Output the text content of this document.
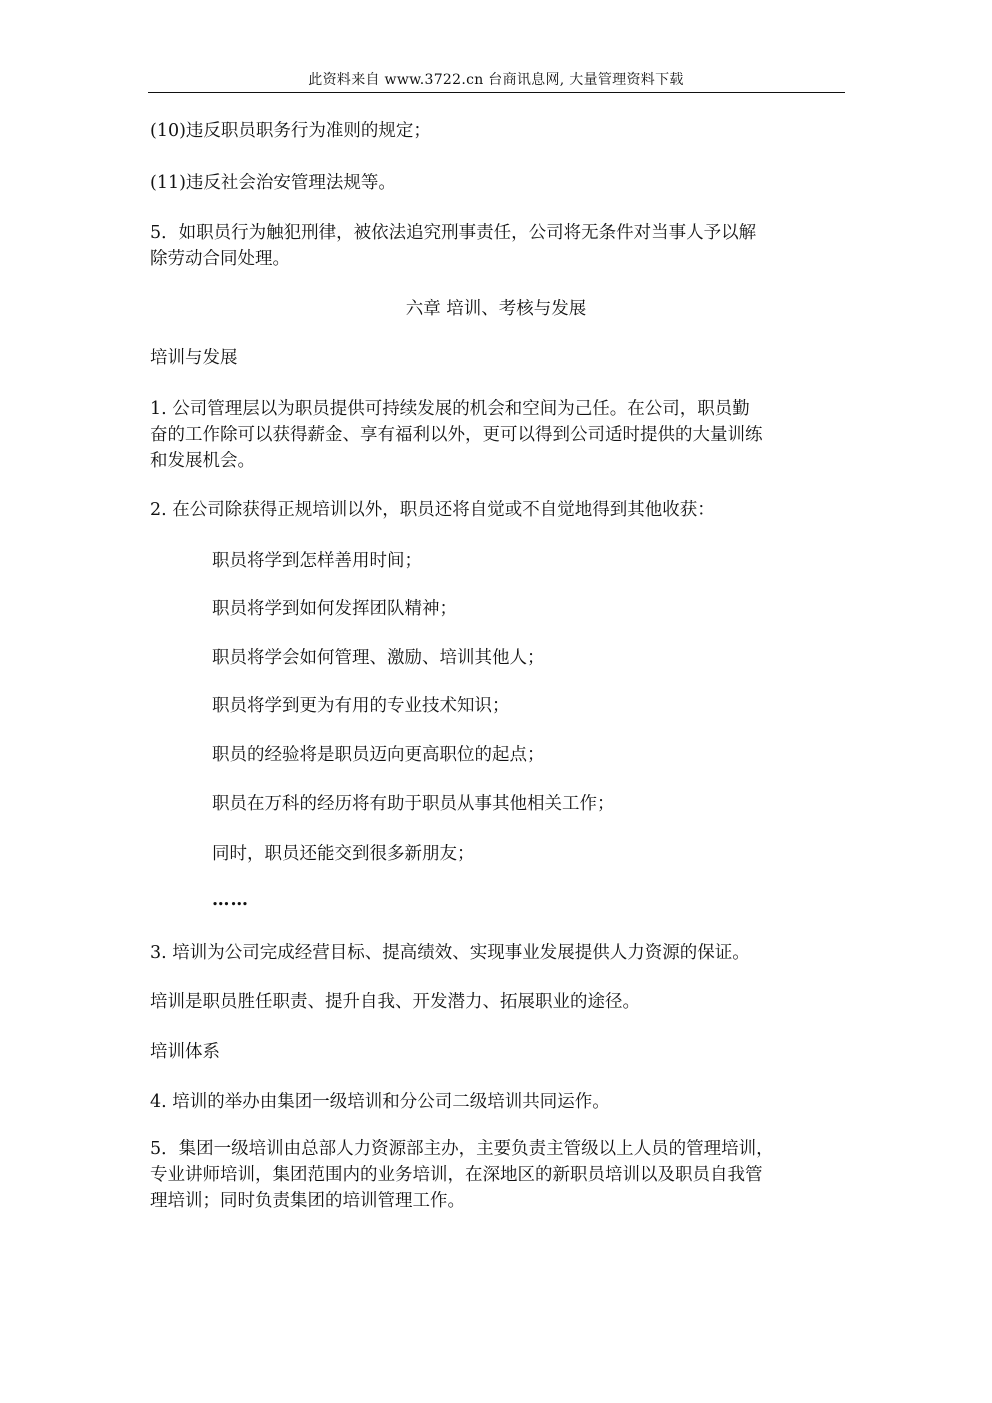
此资料来自 www.3722.cn 台商讯息网, 大量管理资料下载
(10)违反职员职务行为准则的规定；
(11)违反社会治安管理法规等。
5．如职员行为触犯刑律，被依法追究刑事责任，公司将无条件对当事人予以解
除劳动合同处理。
六章 培训、考核与发展
培训与发展
1. 公司管理层以为职员提供可持续发展的机会和空间为己任。在公司，职员勤
奋的工作除可以获得薪金、享有福利以外，更可以得到公司适时提供的大量训练
和发展机会。
2. 在公司除获得正规培训以外，职员还将自觉或不自觉地得到其他收获：
职员将学到怎样善用时间；
职员将学到如何发挥团队精神；
职员将学会如何管理、激励、培训其他人；
职员将学到更为有用的专业技术知识；
职员的经验将是职员迈向更高职位的起点；
职员在万科的经历将有助于职员从事其他相关工作；
同时，职员还能交到很多新朋友；
……
3. 培训为公司完成经营目标、提高绩效、实现事业发展提供人力资源的保证。
培训是职员胜任职责、提升自我、开发潜力、拓展职业的途径。
培训体系
4. 培训的举办由集团一级培训和分公司二级培训共同运作。
5．集团一级培训由总部人力资源部主办，主要负责主管级以上人员的管理培训，
专业讲师培训，集团范围内的业务培训，在深地区的新职员培训以及职员自我管
理培训；同时负责集团的培训管理工作。
